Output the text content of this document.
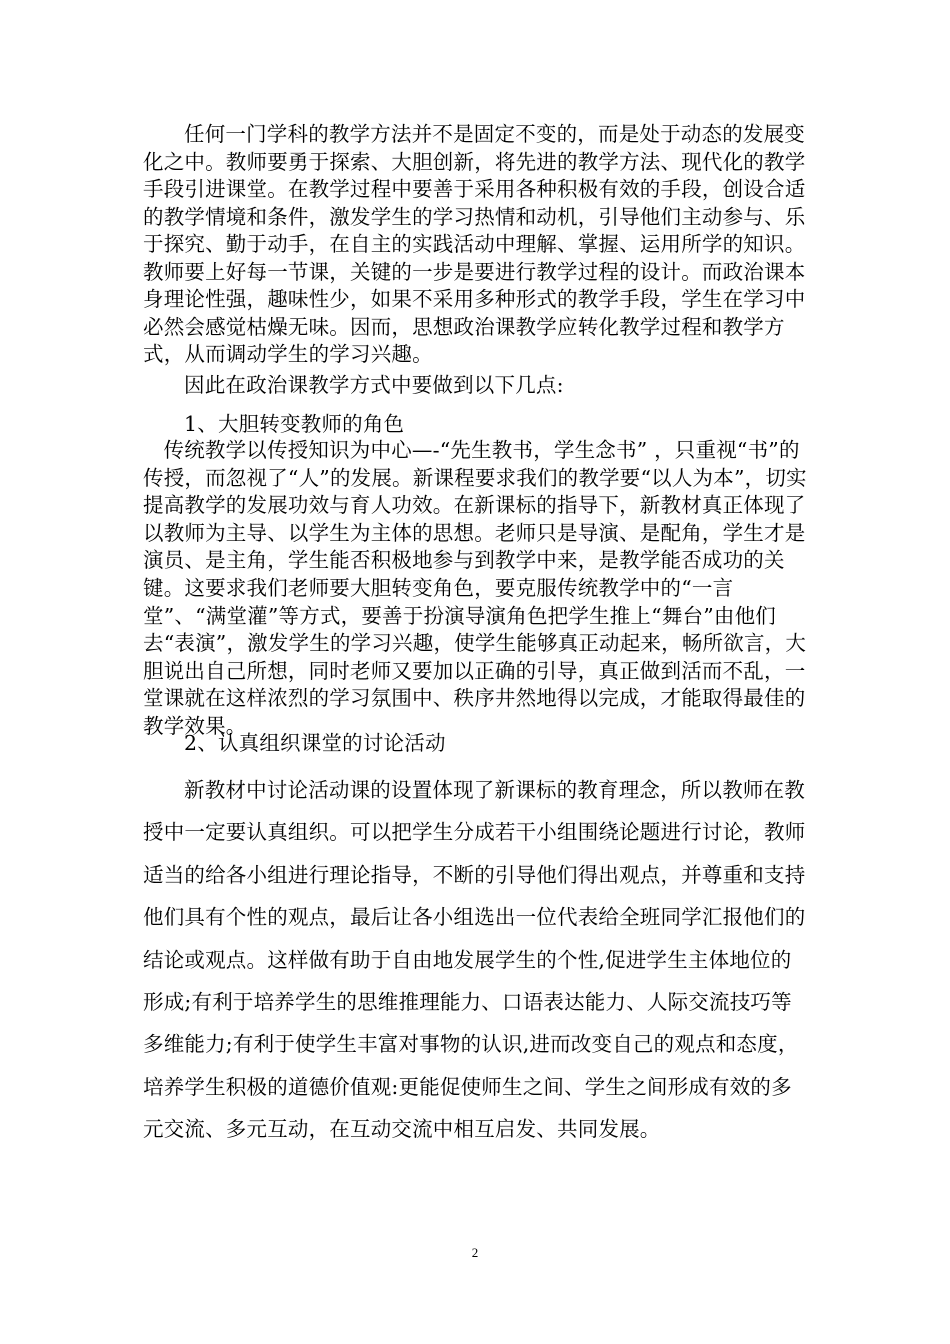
任何一门学科的教学方法并不是固定不变的，而是处于动态的发展变化之中。教师要勇于探索、大胆创新，将先进的教学方法、现代化的教学手段引进课堂。在教学过程中要善于采用各种积极有效的手段，创设合适的教学情境和条件，激发学生的学习热情和动机，引导他们主动参与、乐于探究、勤于动手，在自主的实践活动中理解、掌握、运用所学的知识。教师要上好每一节课，关键的一步是要进行教学过程的设计。而政治课本身理论性强，趣味性少，如果不采用多种形式的教学手段，学生在学习中必然会感觉枯燥无味。因而，思想政治课教学应转化教学过程和教学方式，从而调动学生的学习兴趣。

因此在政治课教学方式中要做到以下几点:

1、大胆转变教师的角色

传统教学以传授知识为中心—-“先生教书，学生念书” ，只重视“书”的传授，而忽视了“人”的发展。新课程要求我们的教学要“以人为本”，切实提高教学的发展功效与育人功效。在新课标的指导下，新教材真正体现了以教师为主导、以学生为主体的思想。老师只是导演、是配角，学生才是演员、是主角，学生能否积极地参与到教学中来，是教学能否成功的关键。这要求我们老师要大胆转变角色，要克服传统教学中的“一言堂”、“满堂灌”等方式，要善于扮演导演角色把学生推上“舞台”由他们去“表演”，激发学生的学习兴趣，使学生能够真正动起来，畅所欲言，大胆说出自己所想，同时老师又要加以正确的引导，真正做到活而不乱，一堂课就在这样浓烈的学习氛围中、秩序井然地得以完成，才能取得最佳的教学效果。

2、认真组织课堂的讨论活动

新教材中讨论活动课的设置体现了新课标的教育理念，所以教师在教授中一定要认真组织。可以把学生分成若干小组围绕论题进行讨论，教师适当的给各小组进行理论指导，不断的引导他们得出观点，并尊重和支持他们具有个性的观点，最后让各小组选出一位代表给全班同学汇报他们的结论或观点。这样做有助于自由地发展学生的个性,促进学生主体地位的形成;有利于培养学生的思维推理能力、口语表达能力、人际交流技巧等多维能力;有利于使学生丰富对事物的认识,进而改变自己的观点和态度，培养学生积极的道德价值观:更能促使师生之间、学生之间形成有效的多元交流、多元互动，在互动交流中相互启发、共同发展。

2
